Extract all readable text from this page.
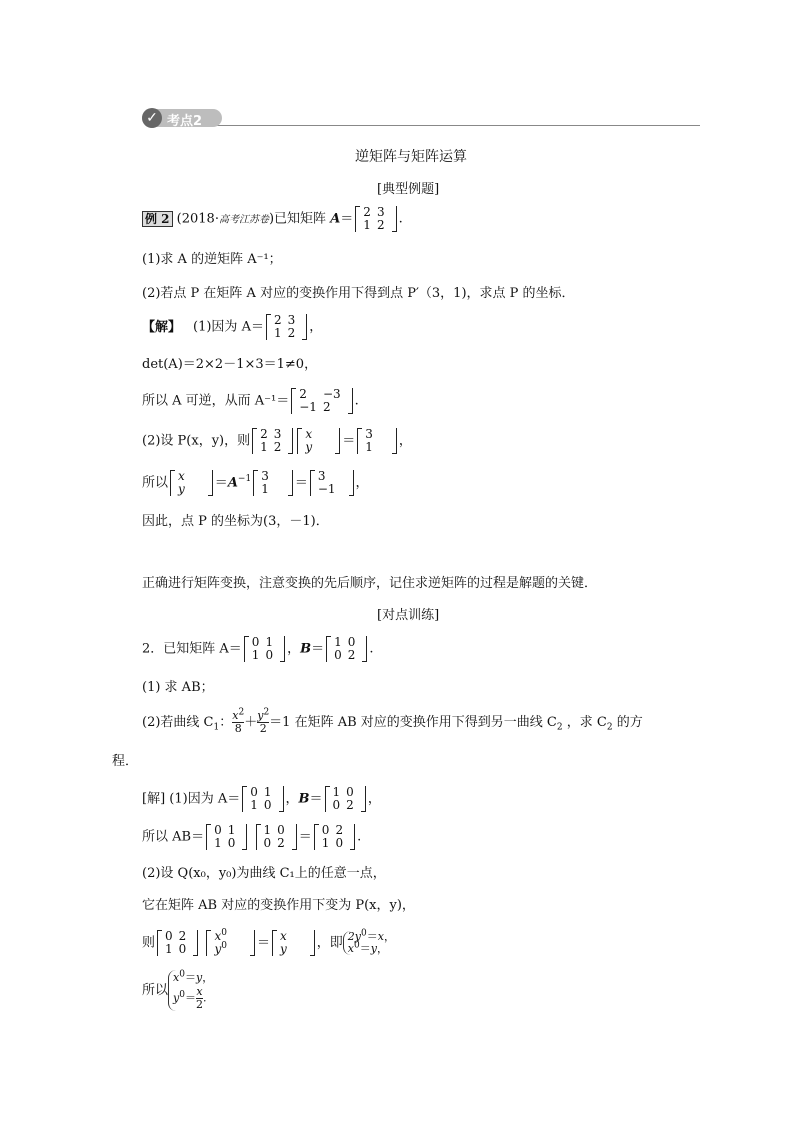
✓ 考点2
逆矩阵与矩阵运算
[典型例题]
例 2 (2018·高考江苏卷)已知矩阵 A＝ 2	3
1	2 .
(1)求 A 的逆矩阵 A⁻¹；
(2)若点 P 在矩阵 A 对应的变换作用下得到点 P′（3，1)，求点 P 的坐标．
【解】 (1)因为 A＝ 2	3
1	2 ，
det(A)＝2×2－1×3＝1≠0，
所以 A 可逆，从而 A⁻¹＝ 2	−3
−1	2 .
(2)设 P(x，y)，则 2	3
1	2
x
y ＝ 3
1 ，
所以 x
$y =A^{-1}$ 3
1 ＝ 3
−1 ，
因此，点 P 的坐标为(3，－1)．
正确进行矩阵变换，注意变换的先后顺序，记住求逆矩阵的过程是解题的关键．
[对点训练]
2．已知矩阵 A＝ 0	1
1	0 ，B＝ 1	0
0	2 .
(1) 求 AB；
(2)若曲线 $C_1$： $\frac{x^2}{8} + \frac{y^2}{2} =1$ 在矩阵 AB 对应的变换作用下得到另一曲线 $C_2$ ，求 $C_2$ 的方
程．
[解] (1)因为 A＝ 0	1
1	0 ，B＝ 1	0
0	2 ，
所以 AB＝ 0	1
1	0

1	0
0	2 ＝ 0	2
1	0 .
(2)设 Q(x₀，y₀)为曲线 C₁上的任意一点，
它在矩阵 AB 对应的变换作用下变为 P(x，y)，
则 0	2
1	0

$x^0$
$y^0 = x$
y ，即 $2y^0=x$，
$x^0=y$，
所以$x^0=y$，
$y^0= \frac{x}{2}$ .
